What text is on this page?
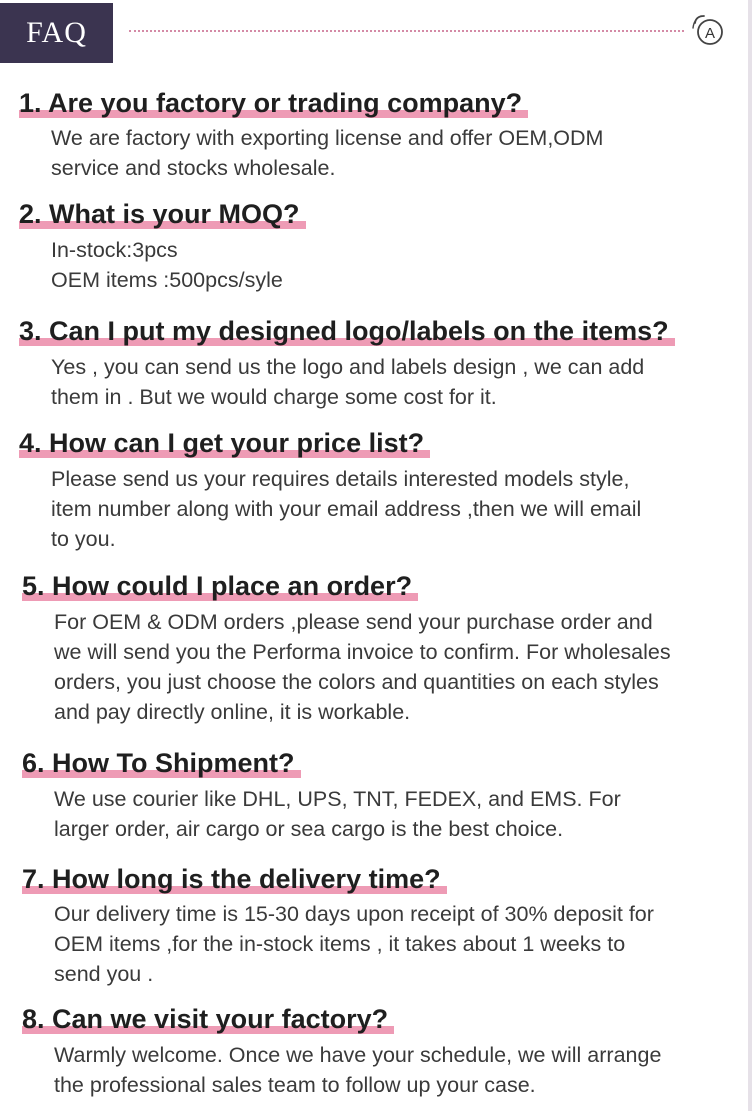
FAQ	A
1. Are you factory or trading company?

We are factory with exporting license and offer OEM,ODM
service and stocks wholesale.

2. What is your MOQ?

In-stock:3pcs
OEM items :500pcs/syle

3. Can I put my designed logo/labels on the items?

Yes , you can send us the logo and labels design , we can add
them in . But we would charge some cost for it.

4. How can I get your price list?

Please send us your requires details interested models style,
item number along with your email address ,then we will email
to you.

5. How could I place an order?

For OEM & ODM orders ,please send your purchase order and
we will send you the Performa invoice to confirm. For wholesales
orders, you just choose the colors and quantities on each styles
and pay directly online, it is workable.

6. How To Shipment?

We use courier like DHL, UPS, TNT, FEDEX, and EMS. For
larger order, air cargo or sea cargo is the best choice.

7. How long is the delivery time?

Our delivery time is 15-30 days upon receipt of 30% deposit for
OEM items ,for the in-stock items , it takes about 1 weeks to
send you .

8. Can we visit your factory?

Warmly welcome. Once we have your schedule, we will arrange
the professional sales team to follow up your case.
